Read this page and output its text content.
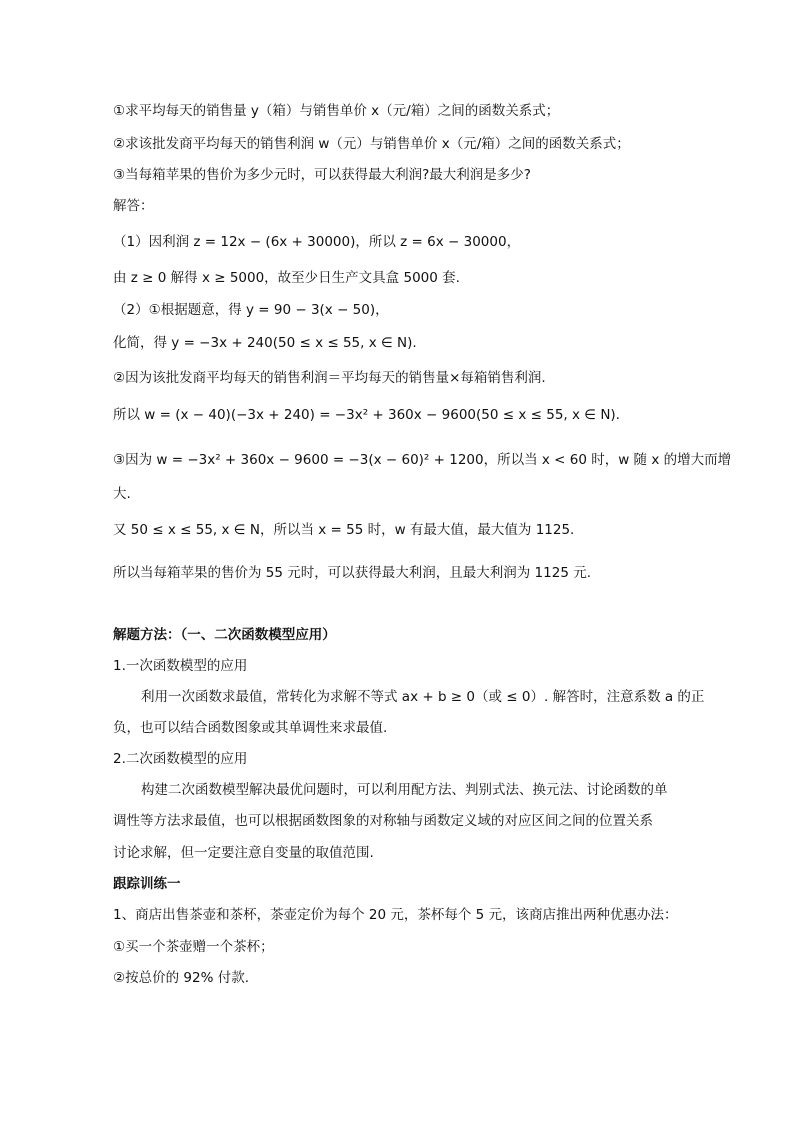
①求平均每天的销售量 y（箱）与销售单价 x（元/箱）之间的函数关系式；
②求该批发商平均每天的销售利润 w（元）与销售单价 x（元/箱）之间的函数关系式；
③当每箱苹果的售价为多少元时，可以获得最大利润?最大利润是多少?
解答：
（1）因利润 z = 12x − (6x + 30000)，所以 z = 6x − 30000，
由 z ≥ 0 解得 x ≥ 5000，故至少日生产文具盒 5000 套.
（2）①根据题意，得 y = 90 − 3(x − 50)，
化简，得 y = −3x + 240(50 ≤ x ≤ 55, x ∈ N).
②因为该批发商平均每天的销售利润＝平均每天的销售量×每箱销售利润.
所以 w = (x − 40)(−3x + 240) = −3x² + 360x − 9600(50 ≤ x ≤ 55, x ∈ N).
③因为 w = −3x² + 360x − 9600 = −3(x − 60)² + 1200，所以当 x < 60 时，w 随 x 的增大而增
大.
又 50 ≤ x ≤ 55, x ∈ N，所以当 x = 55 时，w 有最大值，最大值为 1125.
所以当每箱苹果的售价为 55 元时，可以获得最大利润，且最大利润为 1125 元.
解题方法：（一、二次函数模型应用）
1.一次函数模型的应用
利用一次函数求最值，常转化为求解不等式 ax + b ≥ 0（或 ≤ 0）. 解答时，注意系数 a 的正
负，也可以结合函数图象或其单调性来求最值.
2.二次函数模型的应用
构建二次函数模型解决最优问题时，可以利用配方法、判别式法、换元法、讨论函数的单
调性等方法求最值，也可以根据函数图象的对称轴与函数定义域的对应区间之间的位置关系
讨论求解，但一定要注意自变量的取值范围.
跟踪训练一
1、商店出售茶壶和茶杯，茶壶定价为每个 20 元，茶杯每个 5 元，该商店推出两种优惠办法：
①买一个茶壶赠一个茶杯；
②按总价的 92% 付款.
